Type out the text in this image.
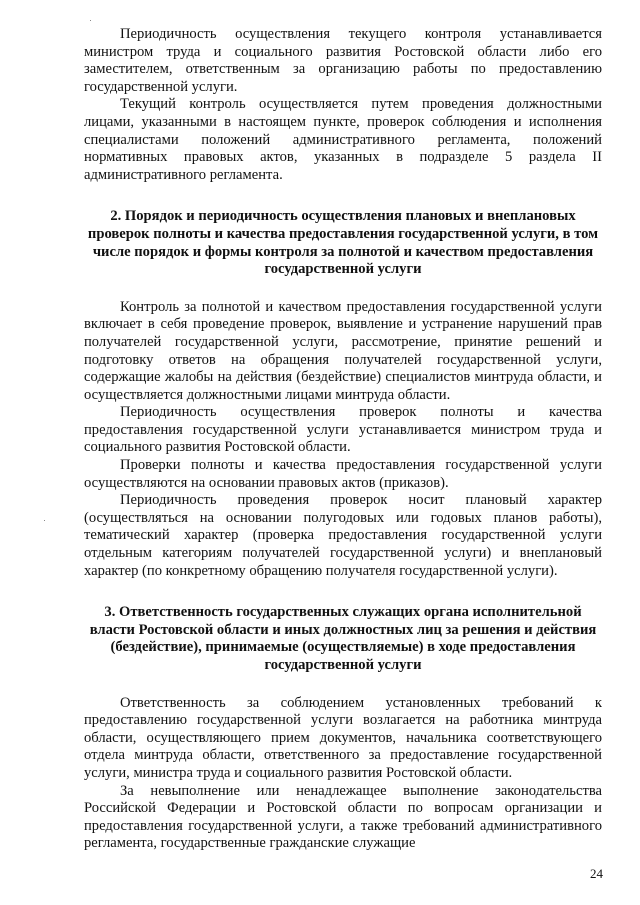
Периодичность осуществления текущего контроля устанавливается министром труда и социального развития Ростовской области либо его заместителем, ответственным за организацию работы по предоставлению государственной услуги.

Текущий контроль осуществляется путем проведения должностными лицами, указанными в настоящем пункте, проверок соблюдения и исполнения специалистами положений административного регламента, положений нормативных правовых актов, указанных в подразделе 5 раздела II административного регламента.

2. Порядок и периодичность осуществления плановых и внеплановых проверок полноты и качества предоставления государственной услуги, в том числе порядок и формы контроля за полнотой и качеством предоставления государственной услуги

Контроль за полнотой и качеством предоставления государственной услуги включает в себя проведение проверок, выявление и устранение нарушений прав получателей государственной услуги, рассмотрение, принятие решений и подготовку ответов на обращения получателей государственной услуги, содержащие жалобы на действия (бездействие) специалистов минтруда области, и осуществляется должностными лицами минтруда области.

Периодичность осуществления проверок полноты и качества предоставления государственной услуги устанавливается министром труда и социального развития Ростовской области.

Проверки полноты и качества предоставления государственной услуги осуществляются на основании правовых актов (приказов).

Периодичность проведения проверок носит плановый характер (осуществляться на основании полугодовых или годовых планов работы), тематический характер (проверка предоставления государственной услуги отдельным категориям получателей государственной услуги) и внеплановый характер (по конкретному обращению получателя государственной услуги).

3. Ответственность государственных служащих органа исполнительной власти Ростовской области и иных должностных лиц за решения и действия (бездействие), принимаемые (осуществляемые) в ходе предоставления государственной услуги

Ответственность за соблюдением установленных требований к предоставлению государственной услуги возлагается на работника минтруда области, осуществляющего прием документов, начальника соответствующего отдела минтруда области, ответственного за предоставление государственной услуги, министра труда и социального развития Ростовской области.

За невыполнение или ненадлежащее выполнение законодательства Российской Федерации и Ростовской области по вопросам организации и предоставления государственной услуги, а также требований административного регламента, государственные гражданские служащие

24
